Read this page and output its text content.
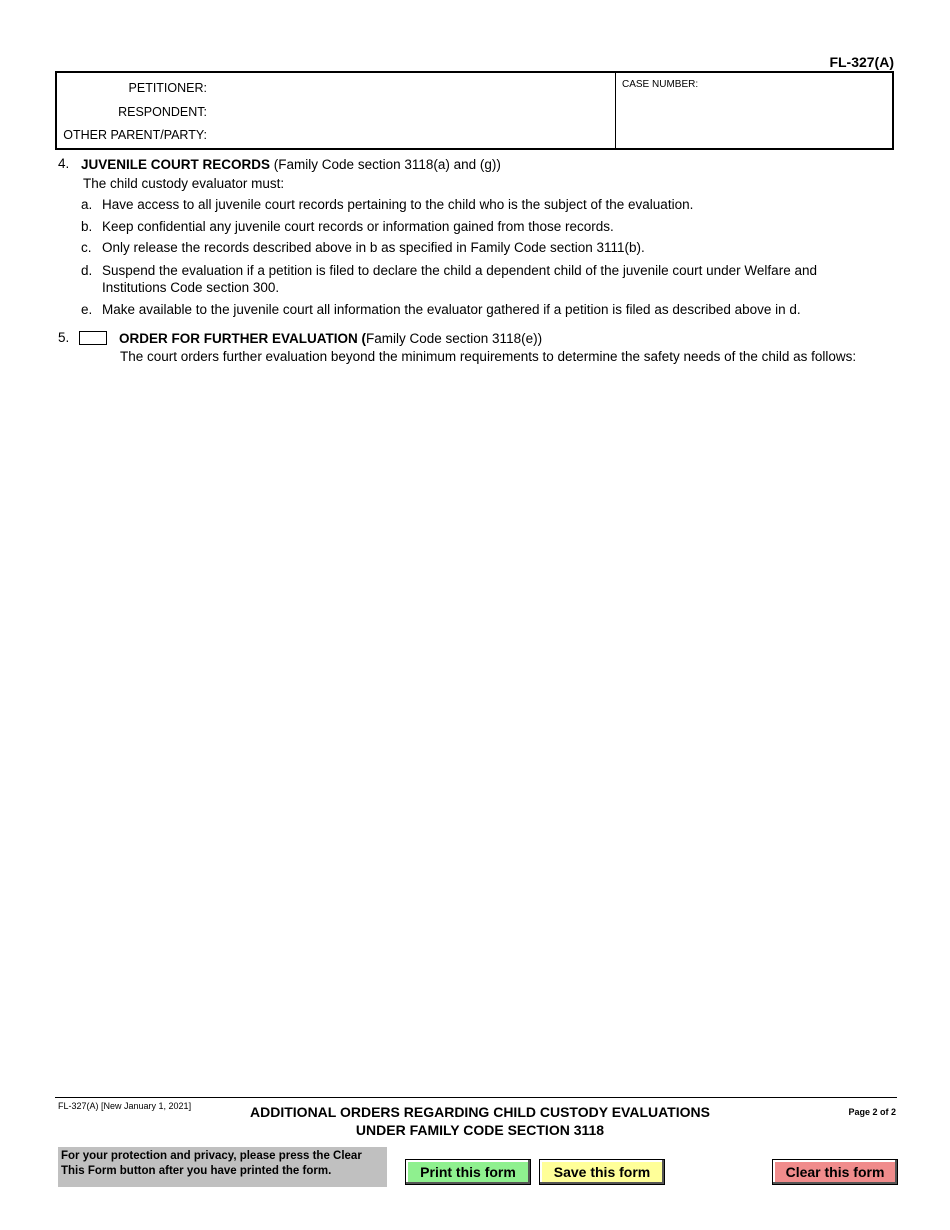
FL-327(A)
PETITIONER:
RESPONDENT:
OTHER PARENT/PARTY:
CASE NUMBER:
4. JUVENILE COURT RECORDS (Family Code section 3118(a) and (g))
The child custody evaluator must:
a. Have access to all juvenile court records pertaining to the child who is the subject of the evaluation.
b. Keep confidential any juvenile court records or information gained from those records.
c. Only release the records described above in b as specified in Family Code section 3111(b).
d. Suspend the evaluation if a petition is filed to declare the child a dependent child of the juvenile court under Welfare and
Institutions Code section 300.
e. Make available to the juvenile court all information the evaluator gathered if a petition is filed as described above in d.
5.	ORDER FOR FURTHER EVALUATION (Family Code section 3118(e))
The court orders further evaluation beyond the minimum requirements to determine the safety needs of the child as follows:
FL-327(A) [New January 1, 2021]	ADDITIONAL ORDERS REGARDING CHILD CUSTODY EVALUATIONS
UNDER FAMILY CODE SECTION 3118
Page 2 of 2
For your protection and privacy, please press the Clear
This Form button after you have printed the form.	Print this form	Save this form	Clear this form
